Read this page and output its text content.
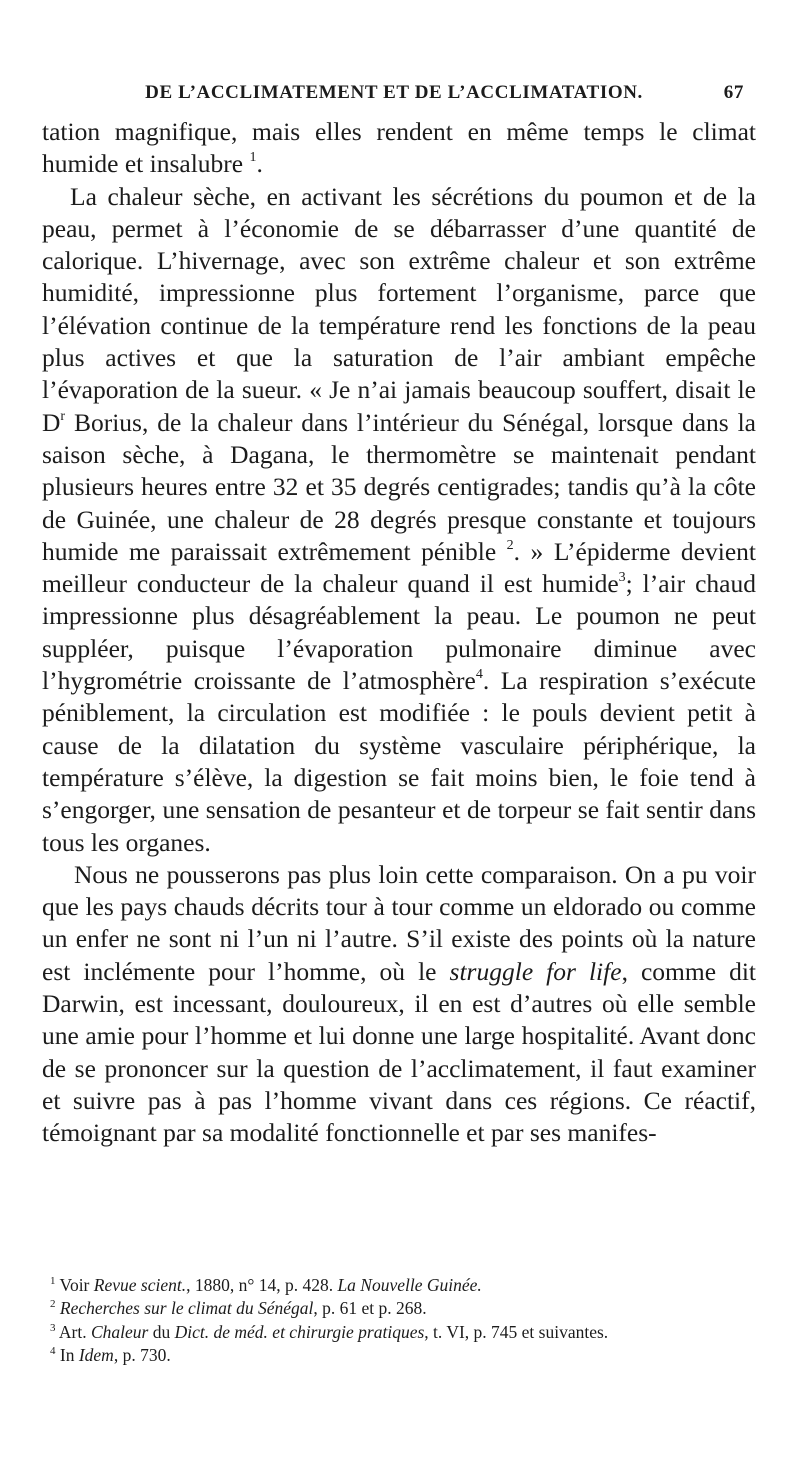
DE L’ACCLIMATEMENT ET DE L’ACCLIMATATION.	67

tation magnifique, mais elles rendent en même temps le climat humide et insalubre $^1$.

La chaleur sèche, en activant les sécrétions du poumon et de la peau, permet à l’économie de se débarrasser d’une quantité de calorique. L’hivernage, avec son extrême chaleur et son extrême humidité, impressionne plus fortement l’organisme, parce que l’élévation continue de la température rend les fonctions de la peau plus actives et que la saturation de l’air ambiant empêche l’évaporation de la sueur. « Je n’ai jamais beaucoup souffert, disait le $D^r$ Borius, de la chaleur dans l’intérieur du Sénégal, lorsque dans la saison sèche, à Dagana, le thermomètre se maintenait pendant plusieurs heures entre 32 et 35 degrés centigrades; tandis qu’à la côte de Guinée, une chaleur de 28 degrés presque constante et toujours humide me paraissait extrêmement pénible $^2$. » L’épiderme devient meilleur conducteur de la chaleur quand il est humide$^3$; l’air chaud impressionne plus désagréablement la peau. Le poumon ne peut suppléer, puisque l’évaporation pulmonaire diminue avec l’hygrométrie croissante de l’atmosphère$^4$. La respiration s’exécute péniblement, la circulation est modifiée : le pouls devient petit à cause de la dilatation du système vasculaire périphérique, la température s’élève, la digestion se fait moins bien, le foie tend à s’engorger, une sensation de pesanteur et de torpeur se fait sentir dans tous les organes.

Nous ne pousserons pas plus loin cette comparaison. On a pu voir que les pays chauds décrits tour à tour comme un eldorado ou comme un enfer ne sont ni l’un ni l’autre. S’il existe des points où la nature est inclémente pour l’homme, où le struggle for life, comme dit Darwin, est incessant, douloureux, il en est d’autres où elle semble une amie pour l’homme et lui donne une large hospitalité. Avant donc de se prononcer sur la question de l’acclimatement, il faut examiner et suivre pas à pas l’homme vivant dans ces régions. Ce réactif, témoignant par sa modalité fonctionnelle et par ses manifes-

$^1$ Voir Revue scient., 1880, n° 14, p. 428. La Nouvelle Guinée.

$^2$ Recherches sur le climat du Sénégal, p. 61 et p. 268.

$^3$ Art. Chaleur du Dict. de méd. et chirurgie pratiques, t. VI, p. 745 et suivantes.

$^4$ In Idem, p. 730.
